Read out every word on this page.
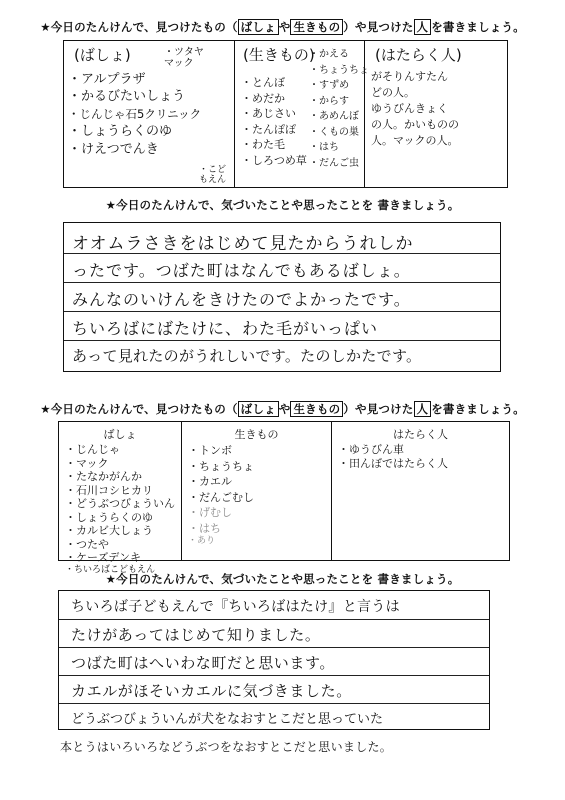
★今日のたんけんで、見つけたもの（ ばしょ や 生きもの ）や見つけた 人 を書きましょう。
(ばしょ)	・ツタヤ
マック
・アルプラザ
・かるびたいしょう
・じんじゃ石5クリニック
・しょうらくのゆ
・けえつでんき
・こど
もえん
(生きもの)
・とんぼ
・めだか
・あじさい
・たんぽぽ
・わた毛
・しろつめ草
・かえる
・ちょうちょ
・すずめ
・からす
・あめんぼ
・くもの巣
・はち
・だんご虫
(はたらく人)
がそりんすたん
どの人。
ゆうびんきょく
の人。かいものの
人。マックの人。
★今日のたんけんで、気づいたことや思ったことを 書きましょう。
オオムラさきをはじめて見たからうれしか
ったです。つばた町はなんでもあるばしょ。
みんなのいけんをきけたのでよかったです。
ちいろばにばたけに、わた毛がいっぱい
あって見れたのがうれしいです。たのしかたです。
★今日のたんけんで、見つけたもの（ ばしょ や 生きもの ）や見つけた 人 を書きましょう。
ばしょ
・じんじゃ
・マック
・たなかがんか
・石川コシヒカリ
・どうぶつびょういん
・しょうらくのゆ
・カルビ大しょう
・つたや
・ケーズデンキ
・ちいろばこどもえん
生きもの
・トンボ
・ちょうちょ
・カエル
・だんごむし
・げむし
・はち
・あり
はたらく人
・ゆうびん車
・田んぼではたらく人
★今日のたんけんで、気づいたことや思ったことを 書きましょう。
ちいろば子どもえんで『ちいろばはたけ』と言うは
たけがあってはじめて知りました。
つばた町はへいわな町だと思います。
カエルがほそいカエルに気づきました。
どうぶつびょういんが犬をなおすとこだと思っていた
本とうはいろいろなどうぶつをなおすとこだと思いました。
